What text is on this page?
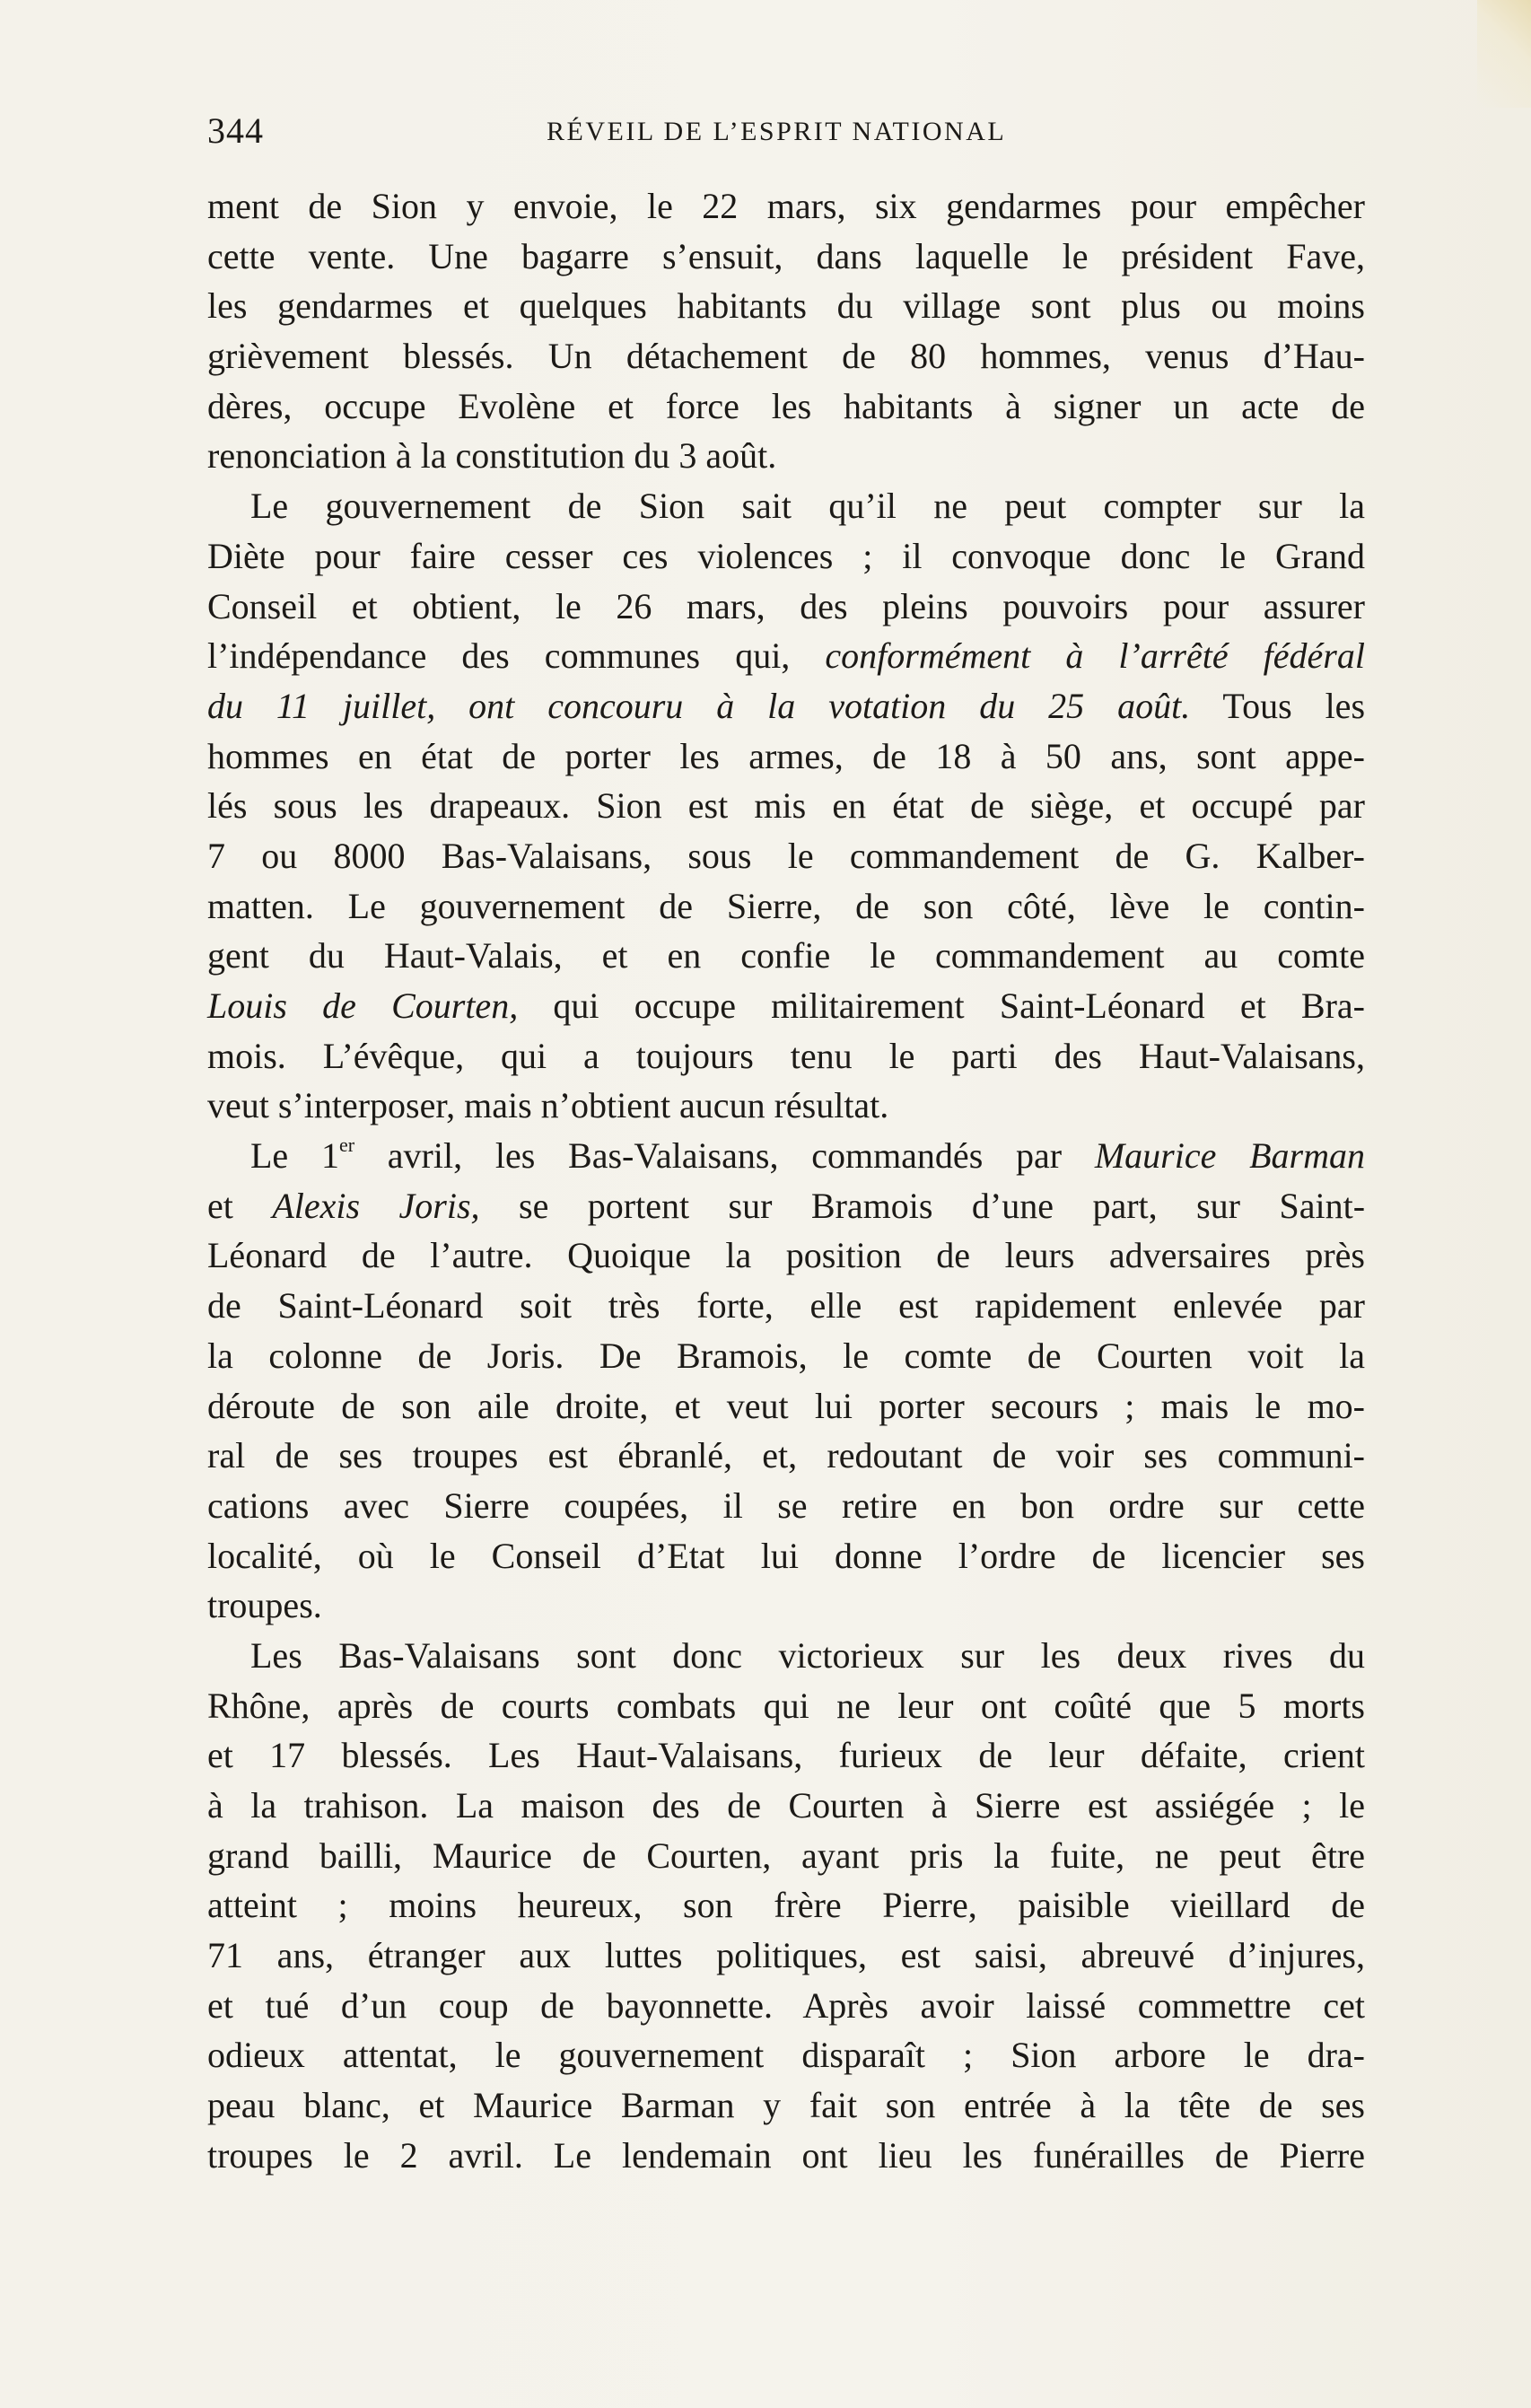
344	RÉVEIL DE L’ESPRIT NATIONAL
ment de Sion y envoie, le 22 mars, six gendarmes pour empêcher
cette vente. Une bagarre s’ensuit, dans laquelle le président Fave,
les gendarmes et quelques habitants du village sont plus ou moins
grièvement blessés. Un détachement de 80 hommes, venus d’Hau-
dères, occupe Evolène et force les habitants à signer un acte de
renonciation à la constitution du 3 août.
Le gouvernement de Sion sait qu’il ne peut compter sur la
Diète pour faire cesser ces violences ; il convoque donc le Grand
Conseil et obtient, le 26 mars, des pleins pouvoirs pour assurer
l’indépendance des communes qui, conformément à l’arrêté fédéral
du 11 juillet, ont concouru à la votation du 25 août. Tous les
hommes en état de porter les armes, de 18 à 50 ans, sont appe-
lés sous les drapeaux. Sion est mis en état de siège, et occupé par
7 ou 8000 Bas-Valaisans, sous le commandement de G. Kalber-
matten. Le gouvernement de Sierre, de son côté, lève le contin-
gent du Haut-Valais, et en confie le commandement au comte
Louis de Courten, qui occupe militairement Saint-Léonard et Bra-
mois. L’évêque, qui a toujours tenu le parti des Haut-Valaisans,
veut s’interposer, mais n’obtient aucun résultat.
Le 1er avril, les Bas-Valaisans, commandés par Maurice Barman
et Alexis Joris, se portent sur Bramois d’une part, sur Saint-
Léonard de l’autre. Quoique la position de leurs adversaires près
de Saint-Léonard soit très forte, elle est rapidement enlevée par
la colonne de Joris. De Bramois, le comte de Courten voit la
déroute de son aile droite, et veut lui porter secours ; mais le mo-
ral de ses troupes est ébranlé, et, redoutant de voir ses communi-
cations avec Sierre coupées, il se retire en bon ordre sur cette
localité, où le Conseil d’Etat lui donne l’ordre de licencier ses
troupes.
Les Bas-Valaisans sont donc victorieux sur les deux rives du
Rhône, après de courts combats qui ne leur ont coûté que 5 morts
et 17 blessés. Les Haut-Valaisans, furieux de leur défaite, crient
à la trahison. La maison des de Courten à Sierre est assiégée ; le
grand bailli, Maurice de Courten, ayant pris la fuite, ne peut être
atteint ; moins heureux, son frère Pierre, paisible vieillard de
71 ans, étranger aux luttes politiques, est saisi, abreuvé d’injures,
et tué d’un coup de bayonnette. Après avoir laissé commettre cet
odieux attentat, le gouvernement disparaît ; Sion arbore le dra-
peau blanc, et Maurice Barman y fait son entrée à la tête de ses
troupes le 2 avril. Le lendemain ont lieu les funérailles de Pierre
